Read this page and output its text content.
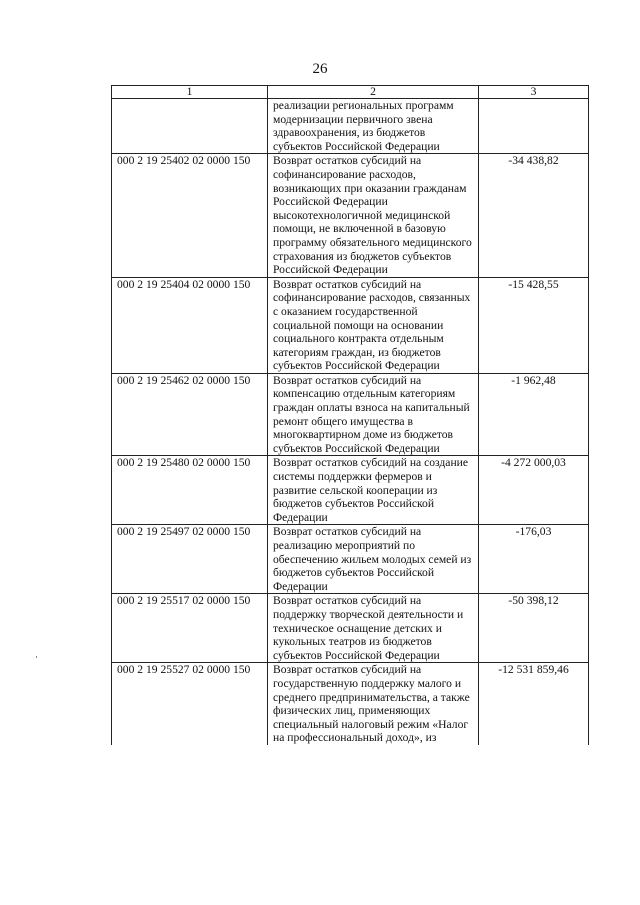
26
1	2	3
	реализации региональных программ модернизации первичного звена здравоохранения, из бюджетов субъектов Российской Федерации	
000 2 19 25402 02 0000 150	Возврат остатков субсидий на софинансирование расходов, возникающих при оказании гражданам Российской Федерации высокотехнологичной медицинской помощи, не включенной в базовую программу обязательного медицинского страхования из бюджетов субъектов Российской Федерации	-34 438,82
000 2 19 25404 02 0000 150	Возврат остатков субсидий на софинансирование расходов, связанных с оказанием государственной социальной помощи на основании социального контракта отдельным категориям граждан, из бюджетов субъектов Российской Федерации	-15 428,55
000 2 19 25462 02 0000 150	Возврат остатков субсидий на компенсацию отдельным категориям граждан оплаты взноса на капитальный ремонт общего имущества в многоквартирном доме из бюджетов субъектов Российской Федерации	-1 962,48
000 2 19 25480 02 0000 150	Возврат остатков субсидий на создание системы поддержки фермеров и развитие сельской кооперации из бюджетов субъектов Российской Федерации	-4 272 000,03
000 2 19 25497 02 0000 150	Возврат остатков субсидий на реализацию мероприятий по обеспечению жильем молодых семей из бюджетов субъектов Российской Федерации	-176,03
000 2 19 25517 02 0000 150	Возврат остатков субсидий на поддержку творческой деятельности и техническое оснащение детских и кукольных театров из бюджетов субъектов Российской Федерации	-50 398,12
000 2 19 25527 02 0000 150	Возврат остатков субсидий на государственную поддержку малого и среднего предпринимательства, а также физических лиц, применяющих специальный налоговый режим «Налог на профессиональный доход», из	-12 531 859,46
